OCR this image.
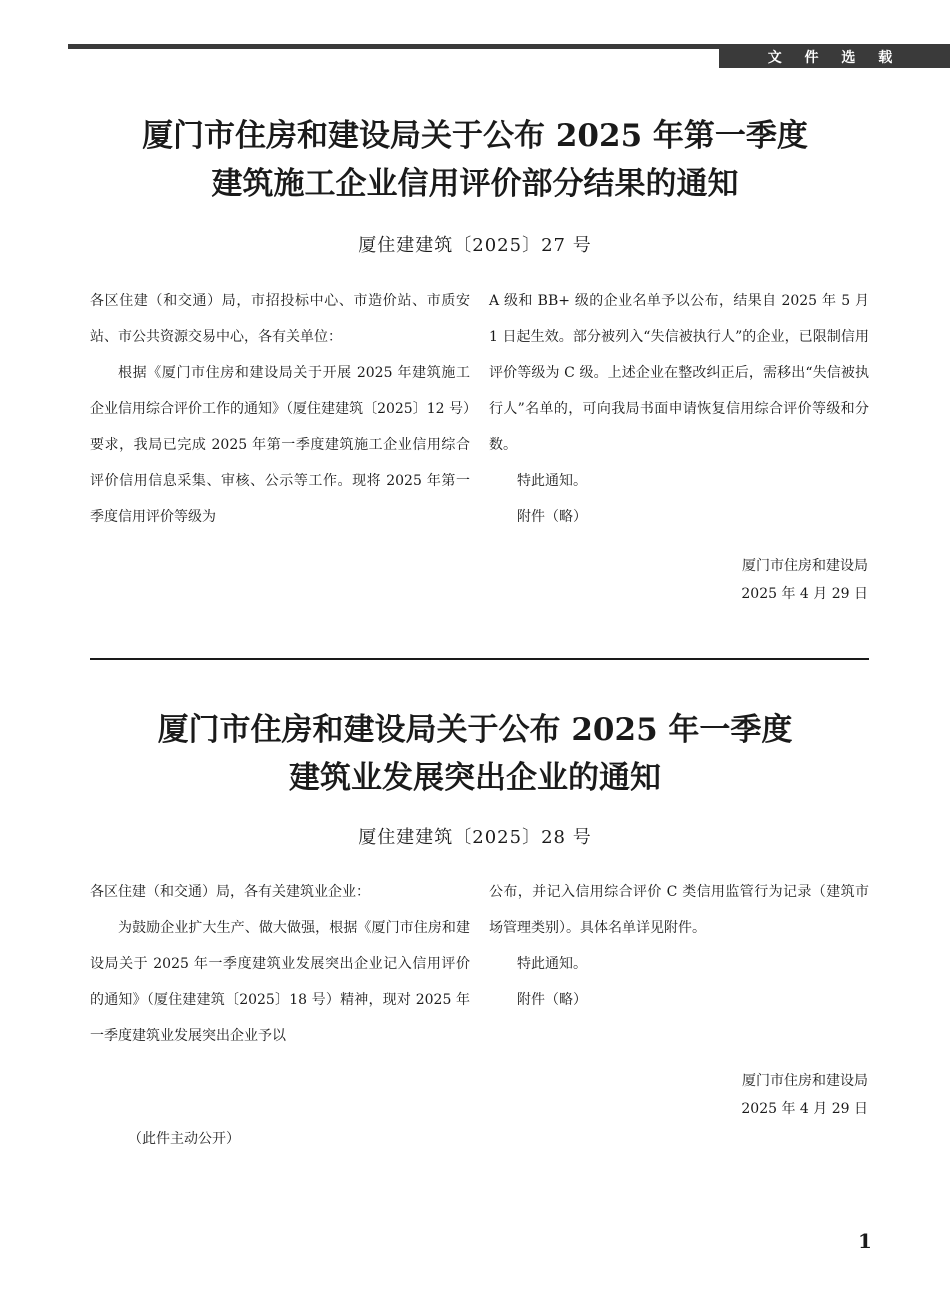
文 件 选 载
厦门市住房和建设局关于公布 2025 年第一季度
建筑施工企业信用评价部分结果的通知
厦住建建筑〔2025〕27 号

各区住建（和交通）局，市招投标中心、市造价站、市质安站、市公共资源交易中心，各有关单位：

根据《厦门市住房和建设局关于开展 2025 年建筑施工企业信用综合评价工作的通知》（厦住建建筑〔2025〕12 号）要求，我局已完成 2025 年第一季度建筑施工企业信用综合评价信用信息采集、审核、公示等工作。现将 2025 年第一季度信用评价等级为

A 级和 BB+ 级的企业名单予以公布，结果自 2025 年 5 月 1 日起生效。部分被列入“失信被执行人”的企业，已限制信用评价等级为 C 级。上述企业在整改纠正后，需移出“失信被执行人”名单的，可向我局书面申请恢复信用综合评价等级和分数。

特此通知。

附件（略）

厦门市住房和建设局
2025 年 4 月 29 日
厦门市住房和建设局关于公布 2025 年一季度
建筑业发展突出企业的通知
厦住建建筑〔2025〕28 号

各区住建（和交通）局，各有关建筑业企业：

为鼓励企业扩大生产、做大做强，根据《厦门市住房和建设局关于 2025 年一季度建筑业发展突出企业记入信用评价的通知》（厦住建建筑〔2025〕18 号）精神，现对 2025 年一季度建筑业发展突出企业予以

公布，并记入信用综合评价 C 类信用监管行为记录（建筑市场管理类别）。具体名单详见附件。

特此通知。

附件（略）

厦门市住房和建设局
2025 年 4 月 29 日
（此件主动公开）
1
